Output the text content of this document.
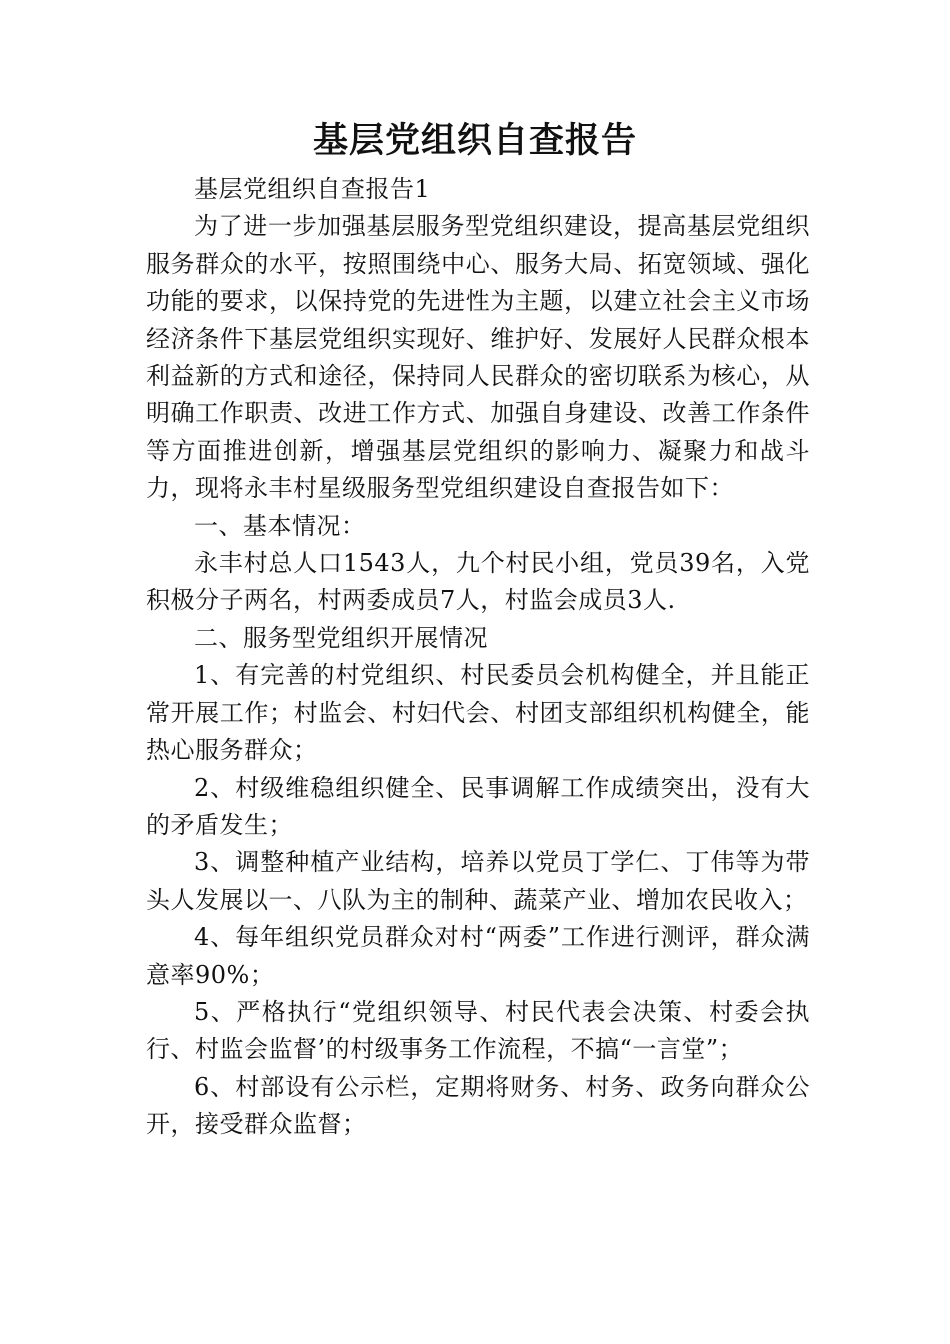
基层党组织自查报告

基层党组织自查报告1

为了进一步加强基层服务型党组织建设，提高基层党组织服务群众的水平，按照围绕中心、服务大局、拓宽领域、强化功能的要求，以保持党的先进性为主题，以建立社会主义市场经济条件下基层党组织实现好、维护好、发展好人民群众根本利益新的方式和途径，保持同人民群众的密切联系为核心，从明确工作职责、改进工作方式、加强自身建设、改善工作条件等方面推进创新，增强基层党组织的影响力、凝聚力和战斗力，现将永丰村星级服务型党组织建设自查报告如下：

一、基本情况：

永丰村总人口1543人，九个村民小组，党员39名，入党积极分子两名，村两委成员7人，村监会成员3人.

二、服务型党组织开展情况

1、有完善的村党组织、村民委员会机构健全，并且能正常开展工作；村监会、村妇代会、村团支部组织机构健全，能热心服务群众；

2、村级维稳组织健全、民事调解工作成绩突出，没有大的矛盾发生；

3、调整种植产业结构，培养以党员丁学仁、丁伟等为带头人发展以一、八队为主的制种、蔬菜产业、增加农民收入；

4、每年组织党员群众对村“两委”工作进行测评，群众满意率90%；

5、严格执行“党组织领导、村民代表会决策、村委会执行、村监会监督’的村级事务工作流程，不搞“一言堂”；

6、村部设有公示栏，定期将财务、村务、政务向群众公开，接受群众监督；
